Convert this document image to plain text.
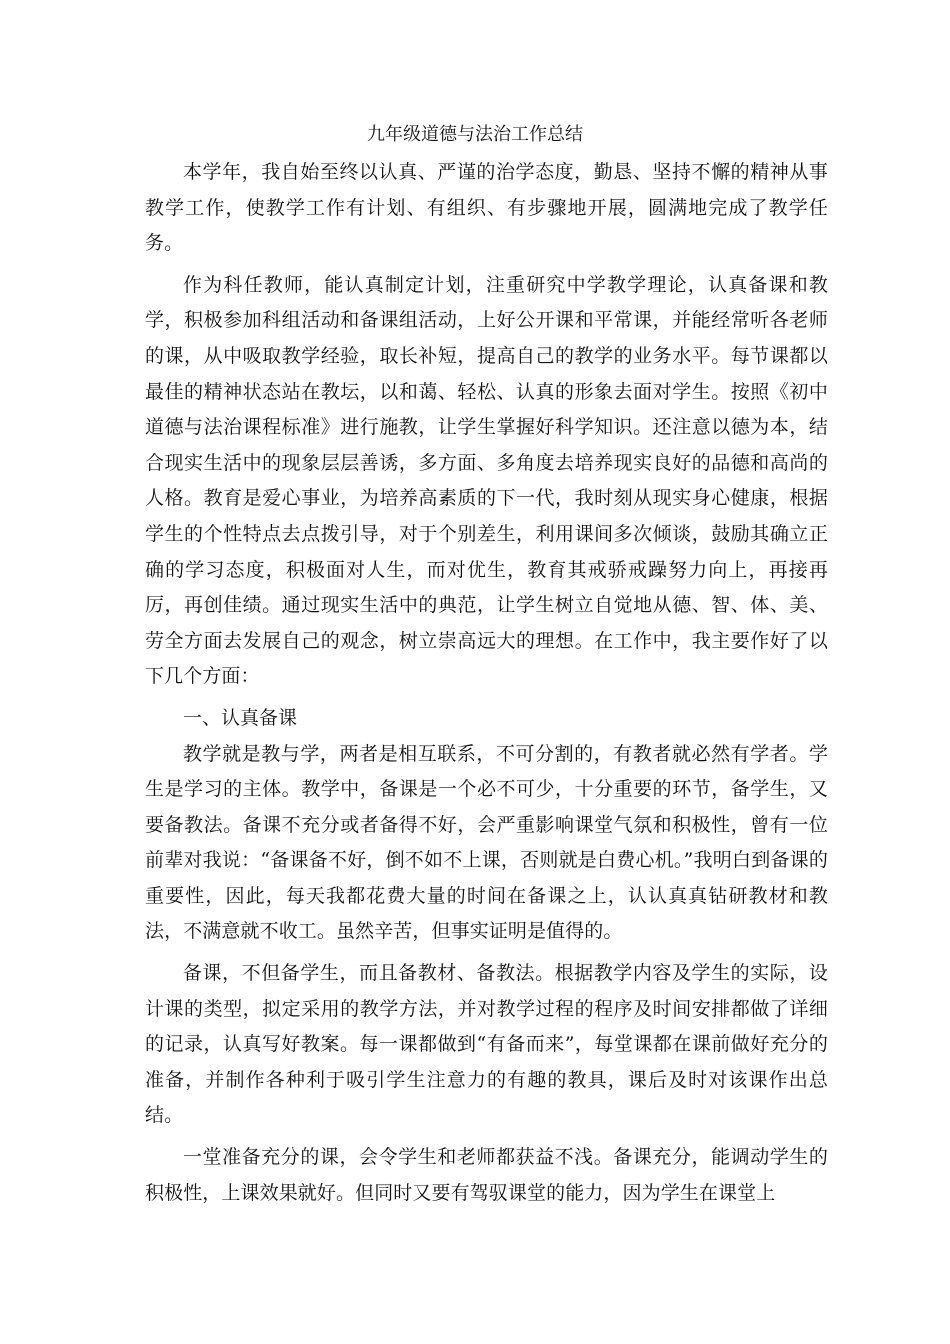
九年级道德与法治工作总结

本学年，我自始至终以认真、严谨的治学态度，勤恳、坚持不懈的精神从事教学工作，使教学工作有计划、有组织、有步骤地开展，圆满地完成了教学任务。

作为科任教师，能认真制定计划，注重研究中学教学理论，认真备课和教学，积极参加科组活动和备课组活动，上好公开课和平常课，并能经常听各老师的课，从中吸取教学经验，取长补短，提高自己的教学的业务水平。每节课都以最佳的精神状态站在教坛，以和蔼、轻松、认真的形象去面对学生。按照《初中道德与法治课程标准》进行施教，让学生掌握好科学知识。还注意以德为本，结合现实生活中的现象层层善诱，多方面、多角度去培养现实良好的品德和高尚的人格。教育是爱心事业，为培养高素质的下一代，我时刻从现实身心健康，根据学生的个性特点去点拨引导，对于个别差生，利用课间多次倾谈，鼓励其确立正确的学习态度，积极面对人生，而对优生，教育其戒骄戒躁努力向上，再接再厉，再创佳绩。通过现实生活中的典范，让学生树立自觉地从德、智、体、美、劳全方面去发展自己的观念，树立崇高远大的理想。在工作中，我主要作好了以下几个方面：

一、认真备课

教学就是教与学，两者是相互联系，不可分割的，有教者就必然有学者。学生是学习的主体。教学中，备课是一个必不可少，十分重要的环节，备学生，又要备教法。备课不充分或者备得不好，会严重影响课堂气氛和积极性，曾有一位前辈对我说：“备课备不好，倒不如不上课，否则就是白费心机。”我明白到备课的重要性，因此，每天我都花费大量的时间在备课之上，认认真真钻研教材和教法，不满意就不收工。虽然辛苦，但事实证明是值得的。

备课，不但备学生，而且备教材、备教法。根据教学内容及学生的实际，设计课的类型，拟定采用的教学方法，并对教学过程的程序及时间安排都做了详细的记录，认真写好教案。每一课都做到“有备而来”，每堂课都在课前做好充分的准备，并制作各种利于吸引学生注意力的有趣的教具，课后及时对该课作出总结。

一堂准备充分的课，会令学生和老师都获益不浅。备课充分，能调动学生的积极性，上课效果就好。但同时又要有驾驭课堂的能力，因为学生在课堂上
